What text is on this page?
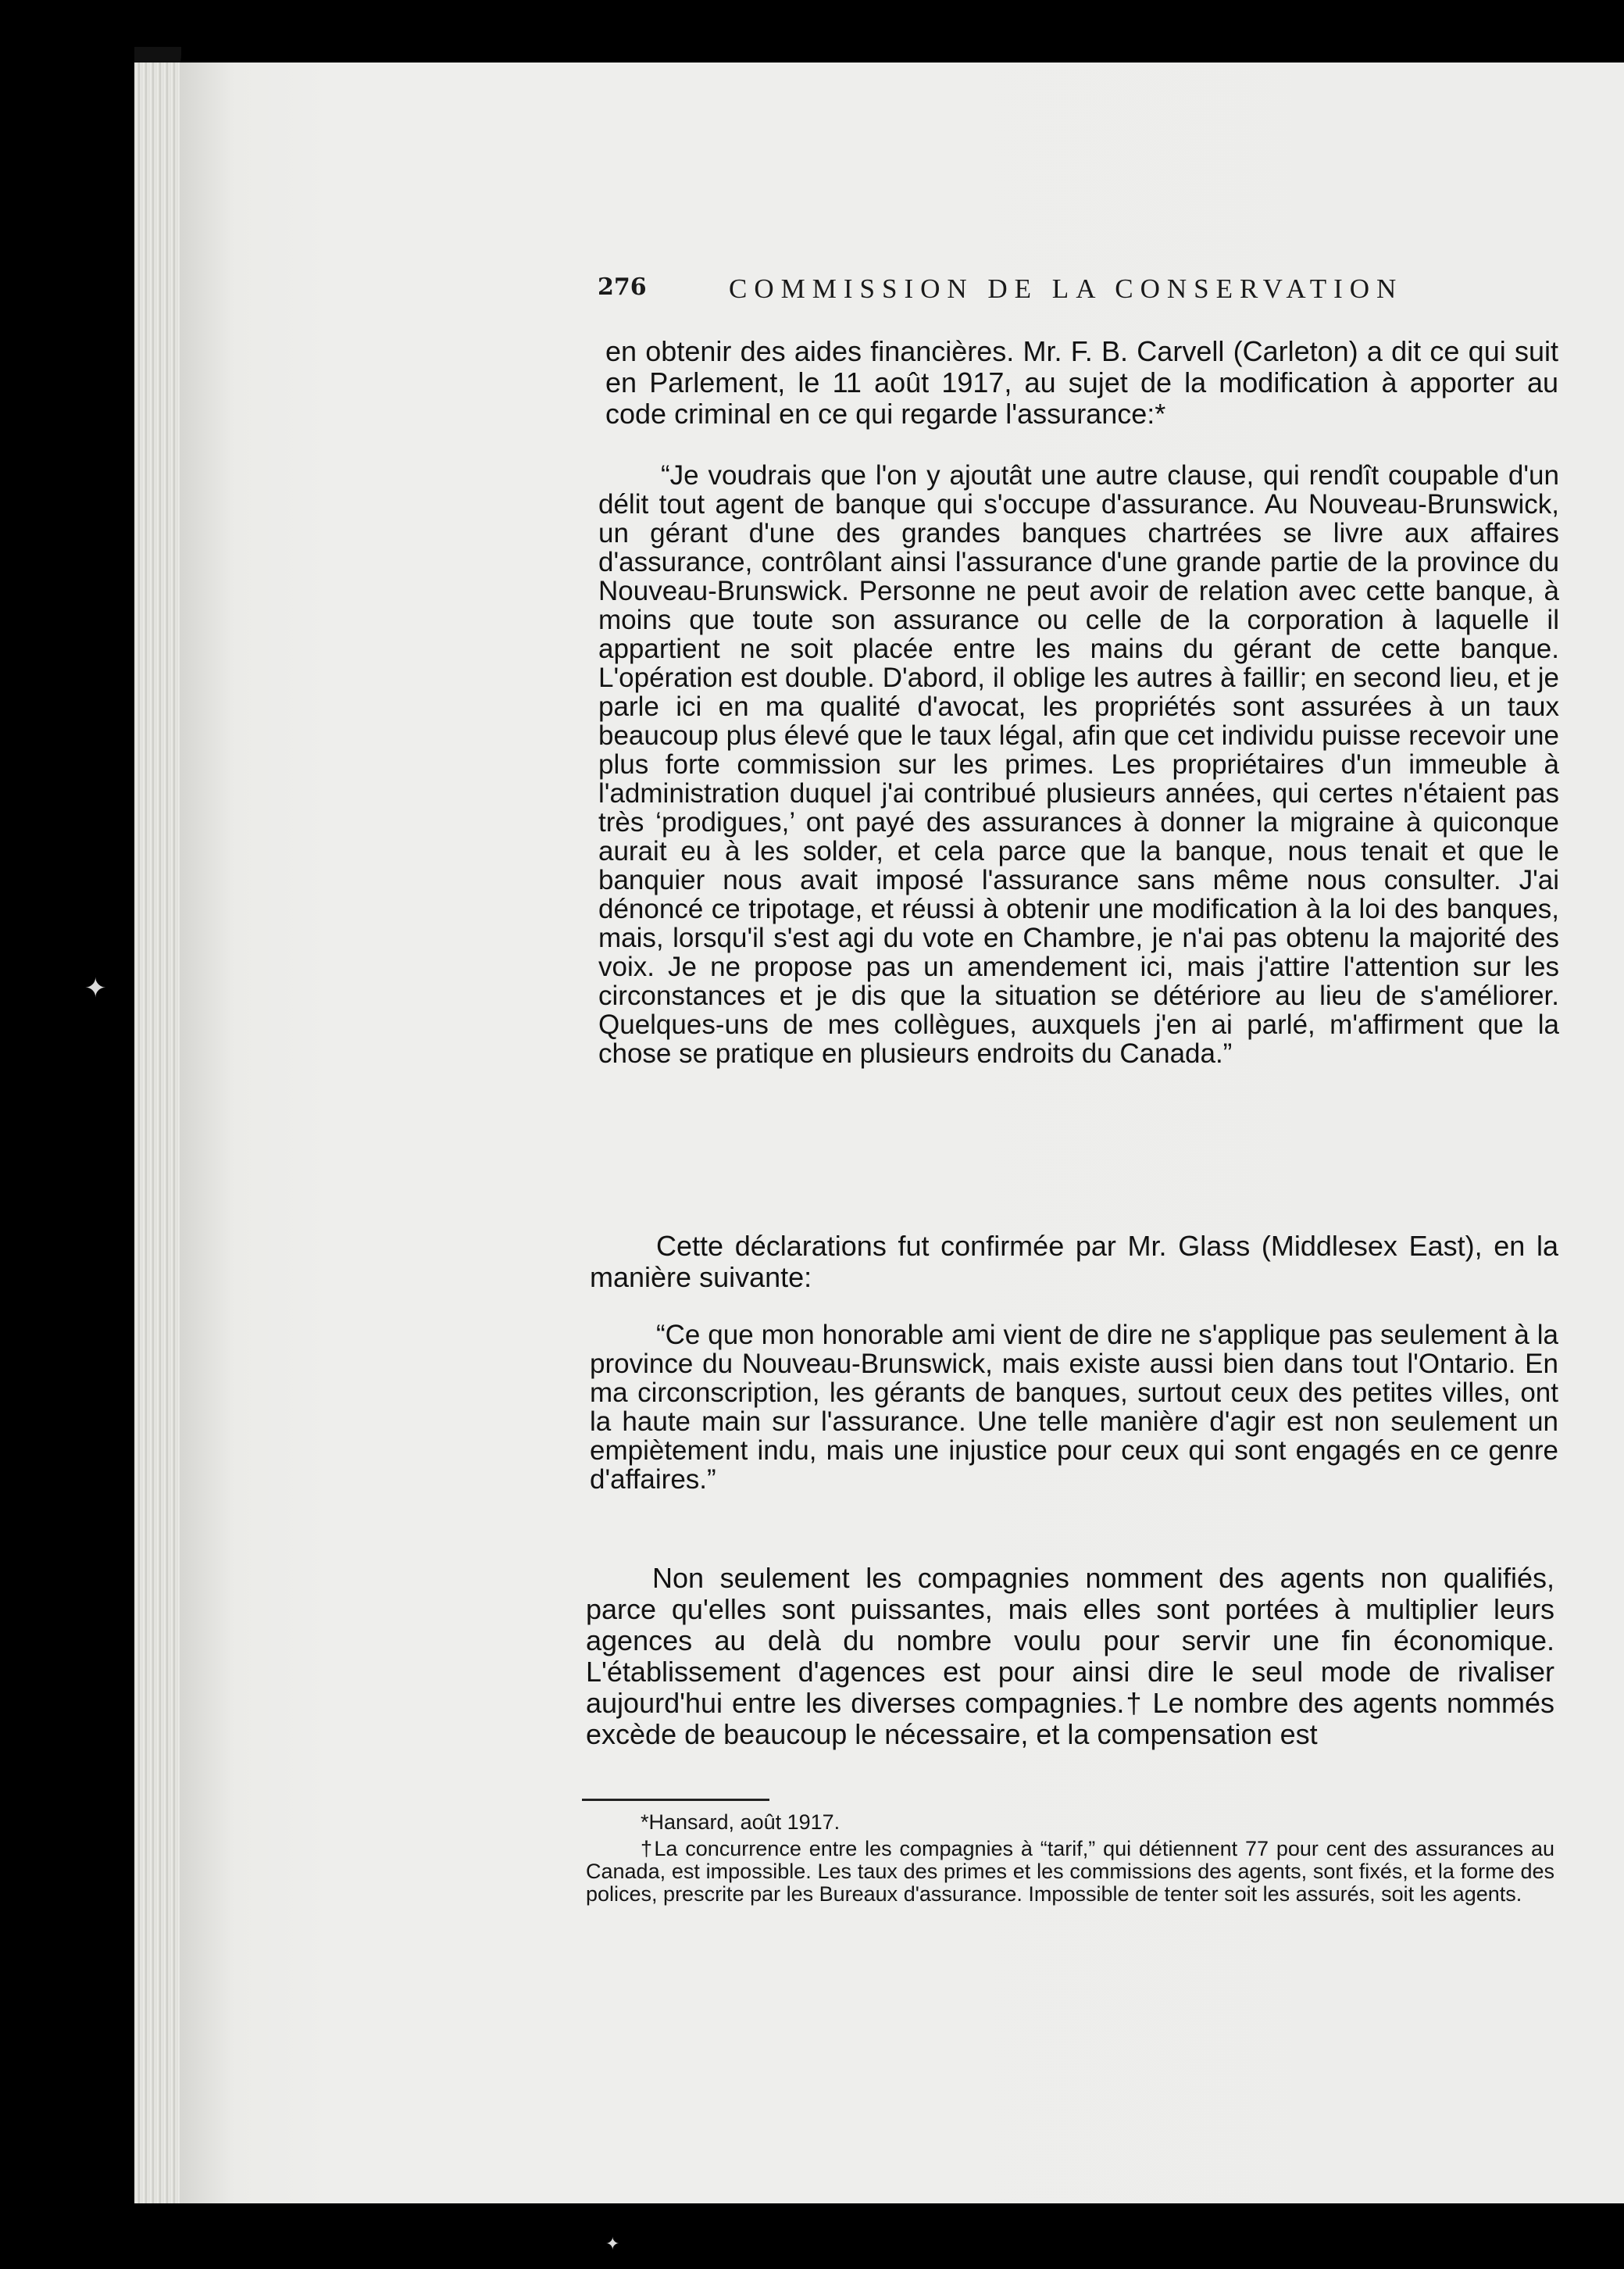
276	COMMISSION DE LA CONSERVATION
en obtenir des aides financières. Mr. F. B. Carvell (Carleton) a dit ce qui suit en Parlement, le 11 août 1917, au sujet de la modification à apporter au code criminal en ce qui regarde l'assurance:*
“Je voudrais que l'on y ajoutât une autre clause, qui rendît coupable d'un délit tout agent de banque qui s'occupe d'assurance. Au Nouveau-Brunswick, un gérant d'une des grandes banques chartrées se livre aux affaires d'assurance, contrôlant ainsi l'assurance d'une grande partie de la province du Nouveau-Brunswick. Personne ne peut avoir de relation avec cette banque, à moins que toute son assurance ou celle de la corporation à laquelle il appartient ne soit placée entre les mains du gérant de cette banque. L'opération est double. D'abord, il oblige les autres à faillir; en second lieu, et je parle ici en ma qualité d'avocat, les propriétés sont assurées à un taux beaucoup plus élevé que le taux légal, afin que cet individu puisse recevoir une plus forte commission sur les primes. Les propriétaires d'un immeuble à l'administration duquel j'ai contribué plusieurs années, qui certes n'étaient pas très ‘prodigues,’ ont payé des assurances à donner la migraine à quiconque aurait eu à les solder, et cela parce que la banque, nous tenait et que le banquier nous avait imposé l'assurance sans même nous consulter. J'ai dénoncé ce tripotage, et réussi à obtenir une modification à la loi des banques, mais, lorsqu'il s'est agi du vote en Chambre, je n'ai pas obtenu la majorité des voix. Je ne propose pas un amendement ici, mais j'attire l'attention sur les circonstances et je dis que la situation se détériore au lieu de s'améliorer. Quelques-uns de mes collègues, auxquels j'en ai parlé, m'affirment que la chose se pratique en plusieurs endroits du Canada.”
Cette déclarations fut confirmée par Mr. Glass (Middlesex East), en la manière suivante:
“Ce que mon honorable ami vient de dire ne s'applique pas seulement à la province du Nouveau-Brunswick, mais existe aussi bien dans tout l'Ontario. En ma circonscription, les gérants de banques, surtout ceux des petites villes, ont la haute main sur l'assurance. Une telle manière d'agir est non seulement un empiètement indu, mais une injustice pour ceux qui sont engagés en ce genre d'affaires.”
Non seulement les compagnies nomment des agents non qualifiés, parce qu'elles sont puissantes, mais elles sont portées à multiplier leurs agences au delà du nombre voulu pour servir une fin économique. L'établissement d'agences est pour ainsi dire le seul mode de rivaliser aujourd'hui entre les diverses compagnies.† Le nombre des agents nommés excède de beaucoup le nécessaire, et la compensation est
*Hansard, août 1917.
†La concurrence entre les compagnies à “tarif,” qui détiennent 77 pour cent des assurances au Canada, est impossible. Les taux des primes et les commissions des agents, sont fixés, et la forme des polices, prescrite par les Bureaux d'assurance. Impossible de tenter soit les assurés, soit les agents.
✦
✦
